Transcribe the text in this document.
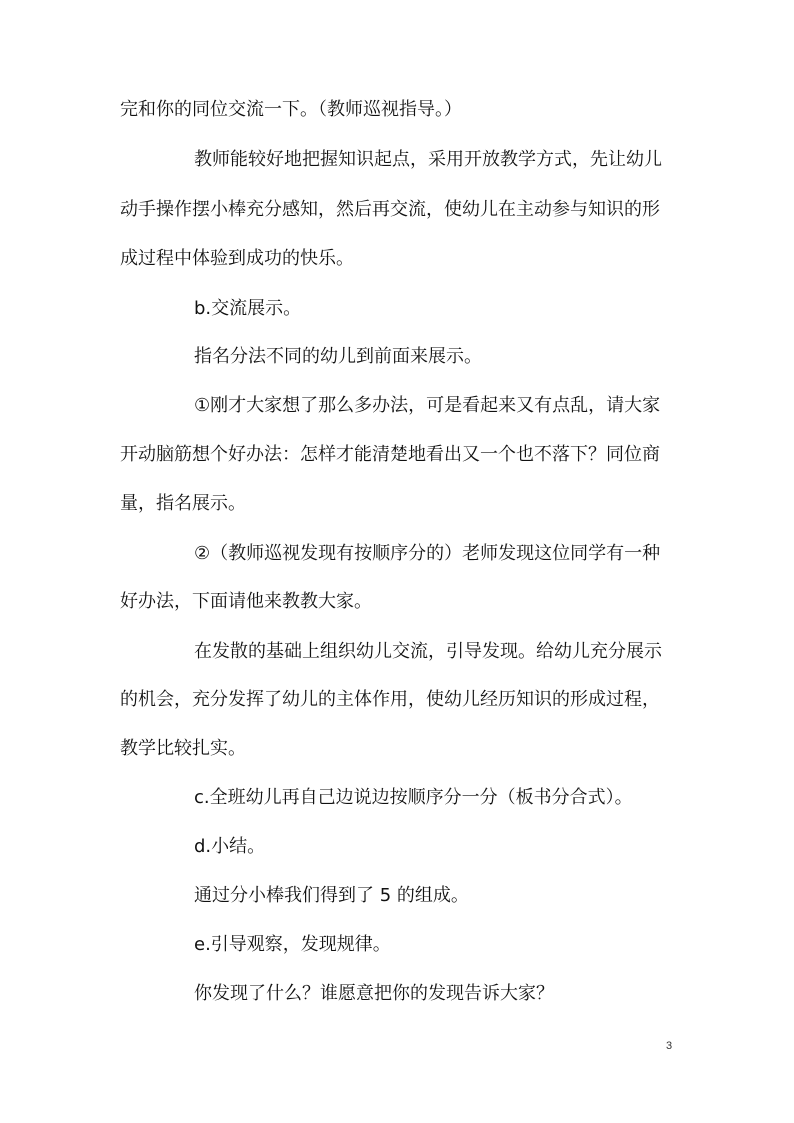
完和你的同位交流一下。（教师巡视指导。）
教师能较好地把握知识起点，采用开放教学方式，先让幼儿
动手操作摆小棒充分感知，然后再交流，使幼儿在主动参与知识的形
成过程中体验到成功的快乐。
b.交流展示。
指名分法不同的幼儿到前面来展示。
①刚才大家想了那么多办法，可是看起来又有点乱，请大家
开动脑筋想个好办法：怎样才能清楚地看出又一个也不落下？同位商
量，指名展示。
②（教师巡视发现有按顺序分的）老师发现这位同学有一种
好办法，下面请他来教教大家。
在发散的基础上组织幼儿交流，引导发现。给幼儿充分展示
的机会，充分发挥了幼儿的主体作用，使幼儿经历知识的形成过程，
教学比较扎实。
c.全班幼儿再自己边说边按顺序分一分（板书分合式）。
d.小结。
通过分小棒我们得到了 5 的组成。
e.引导观察，发现规律。
你发现了什么？谁愿意把你的发现告诉大家？
3
